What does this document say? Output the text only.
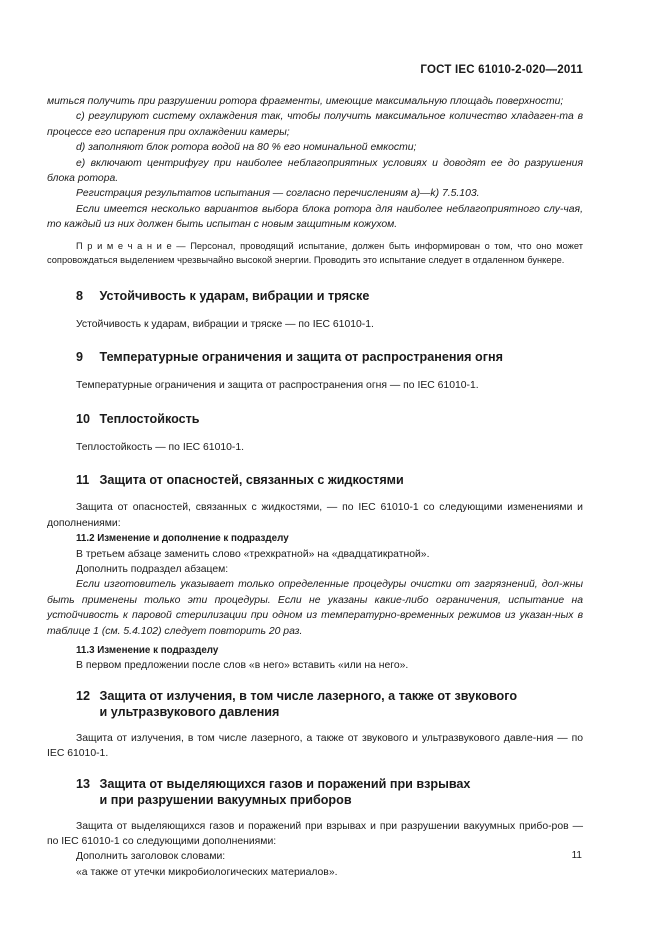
ГОСТ IEC 61010-2-020—2011

миться получить при разрушении ротора фрагменты, имеющие максимальную площадь поверхности;

c) регулируют систему охлаждения так, чтобы получить максимальное количество хладаген-та в процессе его испарения при охлаждении камеры;

d) заполняют блок ротора водой на 80 % его номинальной емкости;

e) включают центрифугу при наиболее неблагоприятных условиях и доводят ее до разрушения блока ротора.

Регистрация результатов испытания — согласно перечислениям a)—k) 7.5.103.

Если имеется несколько вариантов выбора блока ротора для наиболее неблагоприятного слу-чая, то каждый из них должен быть испытан с новым защитным кожухом.

П р и м е ч а н и е — Персонал, проводящий испытание, должен быть информирован о том, что оно может сопровождаться выделением чрезвычайно высокой энергии. Проводить это испытание следует в отдаленном бункере.

8 Устойчивость к ударам, вибрации и тряске

Устойчивость к ударам, вибрации и тряске — по IEC 61010-1.

9 Температурные ограничения и защита от распространения огня

Температурные ограничения и защита от распространения огня — по IEC 61010-1.

10 Теплостойкость

Теплостойкость — по IEC 61010-1.

11 Защита от опасностей, связанных с жидкостями

Защита от опасностей, связанных с жидкостями, — по IEC 61010-1 со следующими изменениями и дополнениями:

11.2 Изменение и дополнение к подразделу

В третьем абзаце заменить слово «трехкратной» на «двадцатикратной».

Дополнить подраздел абзацем:

Если изготовитель указывает только определенные процедуры очистки от загрязнений, дол-жны быть применены только эти процедуры. Если не указаны какие-либо ограничения, испытание на устойчивость к паровой стерилизации при одном из температурно-временных режимов из указан-ных в таблице 1 (см. 5.4.102) следует повторить 20 раз.

11.3 Изменение к подразделу

В первом предложении после слов «в него» вставить «или на него».

12 Защита от излучения, в том числе лазерного, а также от звукового
и ультразвукового давления

Защита от излучения, в том числе лазерного, а также от звукового и ультразвукового давле-ния — по IEC 61010-1.

13 Защита от выделяющихся газов и поражений при взрывах
и при разрушении вакуумных приборов

Защита от выделяющихся газов и поражений при взрывах и при разрушении вакуумных прибо-ров — по IEC 61010-1 со следующими дополнениями:

Дополнить заголовок словами:

«а также от утечки микробиологических материалов».

11
